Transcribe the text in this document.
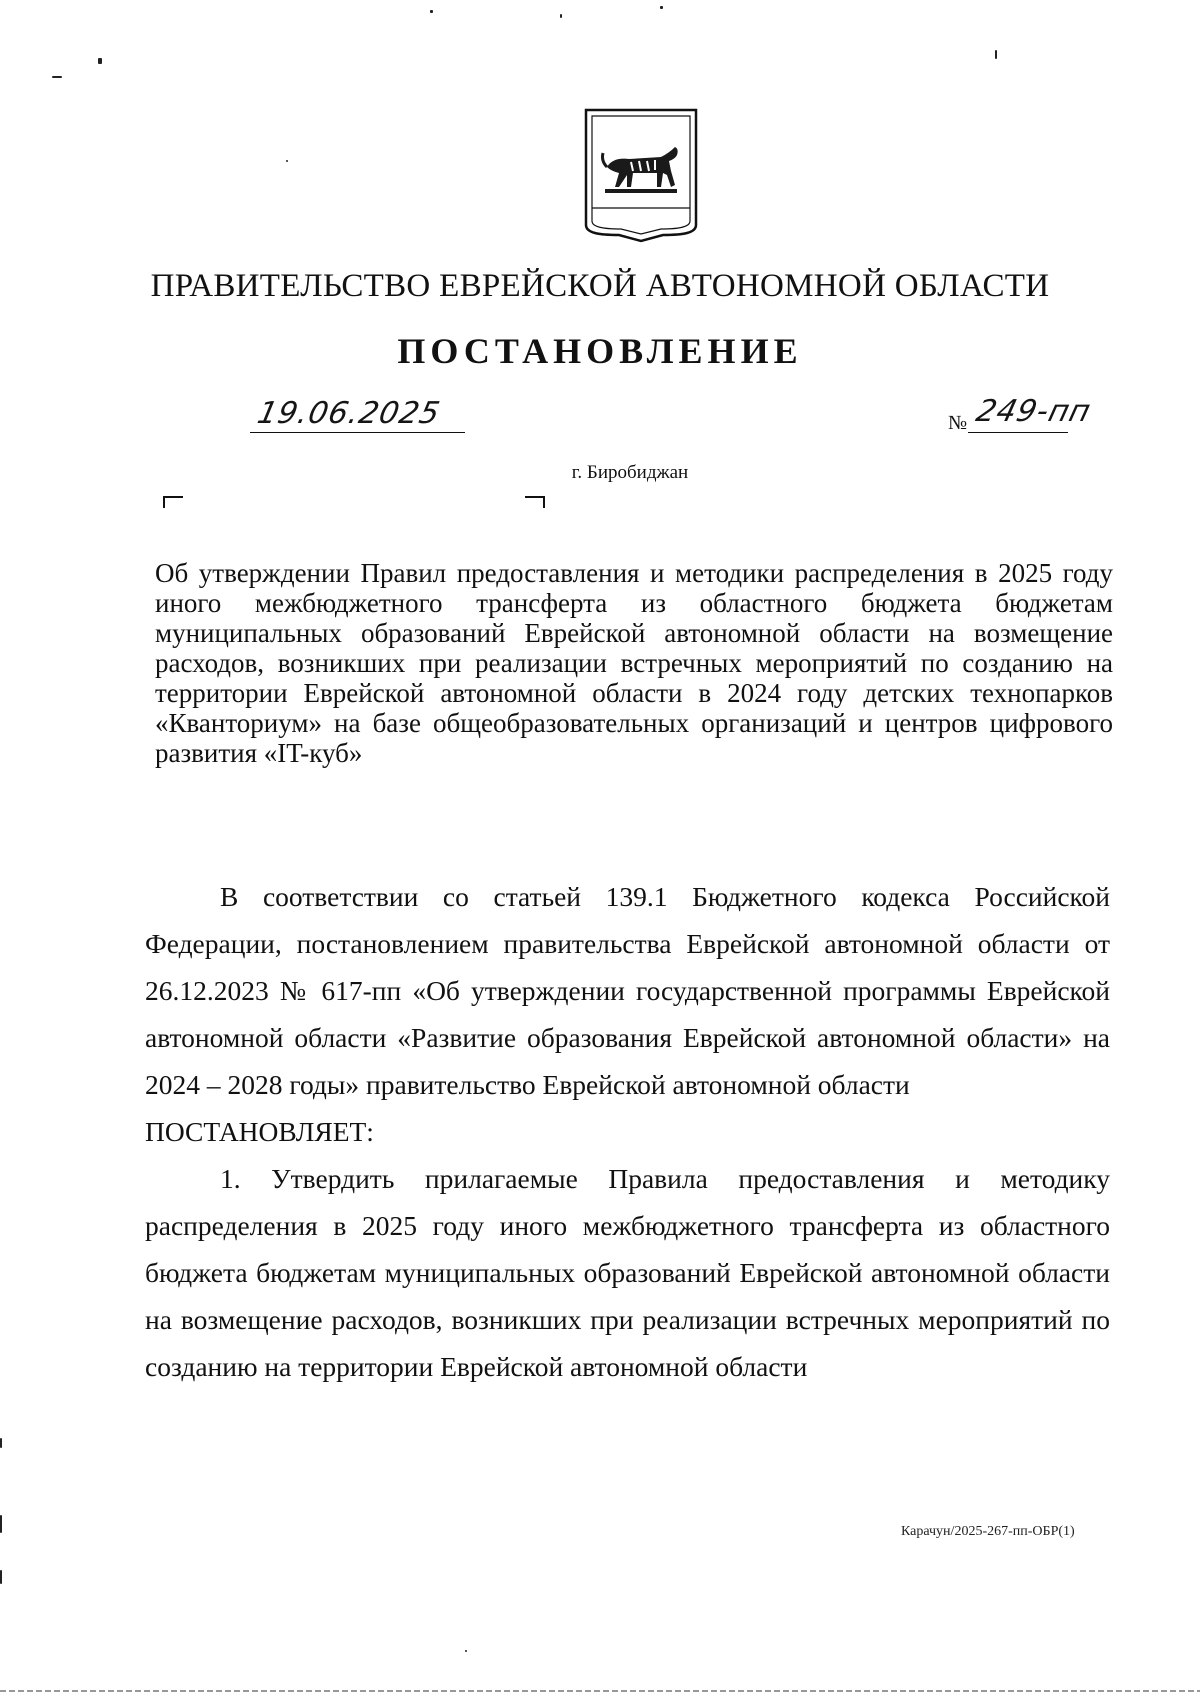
ПРАВИТЕЛЬСТВО ЕВРЕЙСКОЙ АВТОНОМНОЙ ОБЛАСТИ
ПОСТАНОВЛЕНИЕ
19.06.2025	№ 249-пп
г. Биробиджан
Об утверждении Правил предоставления и методики распределения в 2025 году иного межбюджетного трансферта из областного бюджета бюджетам муниципальных образований Еврейской автономной области на возмещение расходов, возникших при реализации встречных мероприятий по созданию на территории Еврейской автономной области в 2024 году детских технопарков «Кванториум» на базе общеобразовательных организаций и центров цифрового развития «IT-куб»
В соответствии со статьей 139.1 Бюджетного кодекса Российской Федерации, постановлением правительства Еврейской автономной области от 26.12.2023 № 617-пп «Об утверждении государственной программы Еврейской автономной области «Развитие образования Еврейской автономной области» на 2024 – 2028 годы» правительство Еврейской автономной области
ПОСТАНОВЛЯЕТ:
1. Утвердить прилагаемые Правила предоставления и методику распределения в 2025 году иного межбюджетного трансферта из областного бюджета бюджетам муниципальных образований Еврейской автономной области на возмещение расходов, возникших при реализации встречных мероприятий по созданию на территории Еврейской автономной области
Карачун/2025-267-пп-ОБР(1)
